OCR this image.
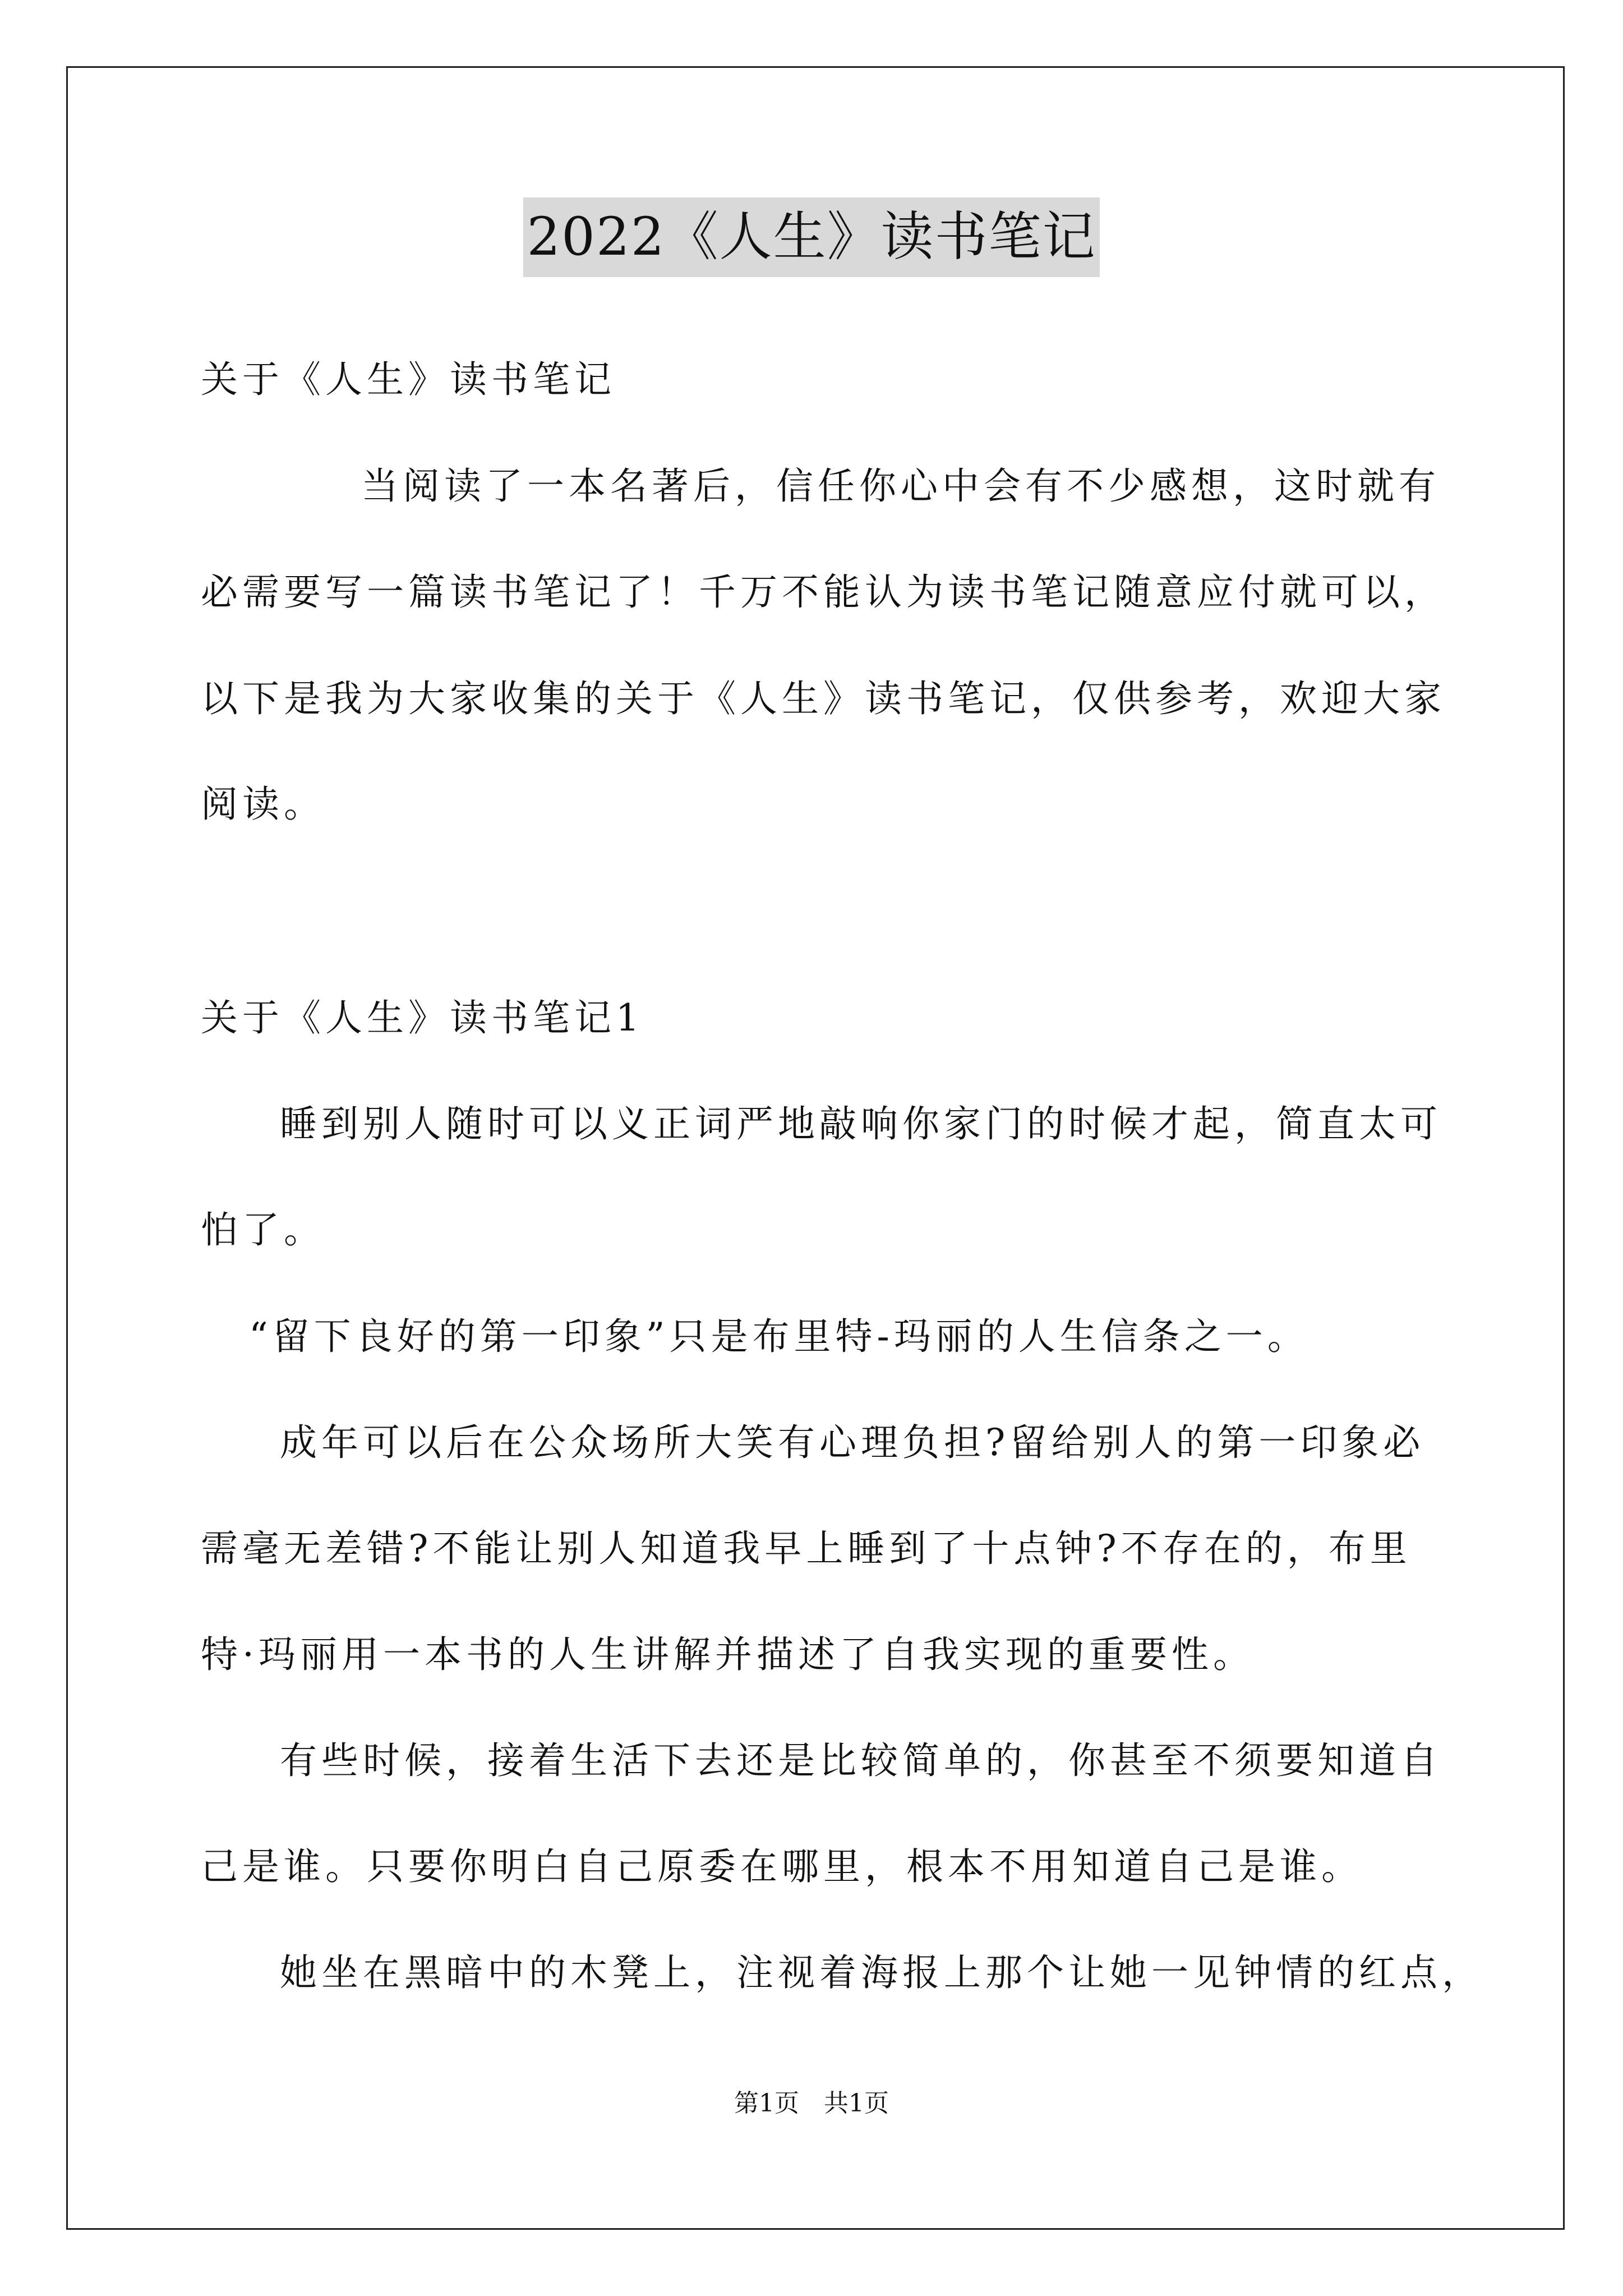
2022《人生》读书笔记
关于《人生》读书笔记
当阅读了一本名著后，信任你心中会有不少感想，这时就有
必需要写一篇读书笔记了！千万不能认为读书笔记随意应付就可以，
以下是我为大家收集的关于《人生》读书笔记，仅供参考，欢迎大家
阅读。
关于《人生》读书笔记1
睡到别人随时可以义正词严地敲响你家门的时候才起，简直太可
怕了。
“留下良好的第一印象”只是布里特-玛丽的人生信条之一。
成年可以后在公众场所大笑有心理负担?留给别人的第一印象必
需毫无差错?不能让别人知道我早上睡到了十点钟?不存在的，布里
特·玛丽用一本书的人生讲解并描述了自我实现的重要性。
有些时候，接着生活下去还是比较简单的，你甚至不须要知道自
己是谁。只要你明白自己原委在哪里，根本不用知道自己是谁。
她坐在黑暗中的木凳上，注视着海报上那个让她一见钟情的红点，
第1页　共1页
